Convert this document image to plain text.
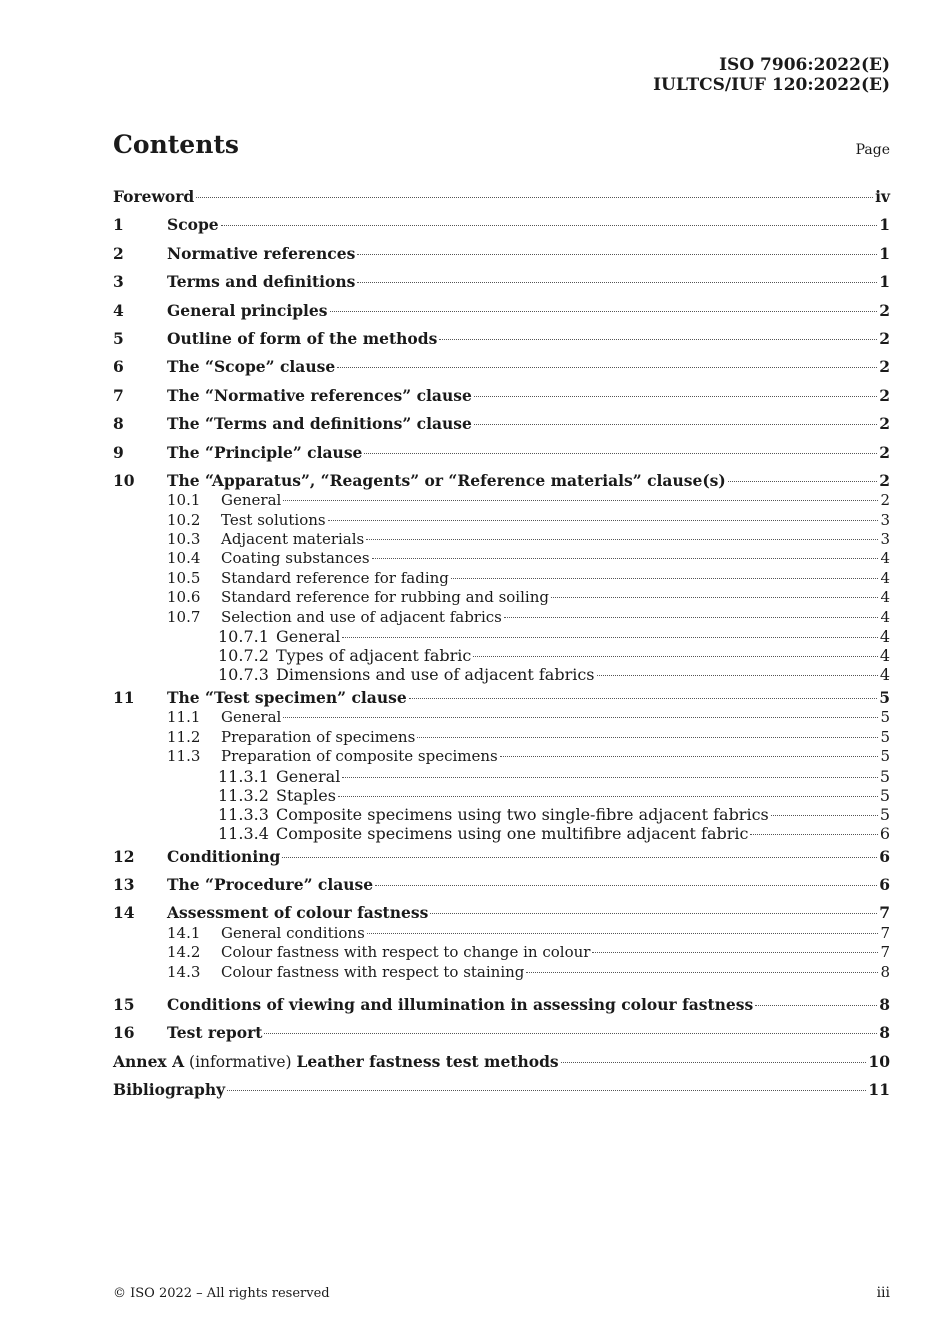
ISO 7906:2022(E)
IULTCS/IUF 120:2022(E)
Contents	Page
Foreword	iv
1	Scope	1
2	Normative references	1
3	Terms and definitions	1
4	General principles	2
5	Outline of form of the methods	2
6	The “Scope” clause	2
7	The “Normative references” clause	2
8	The “Terms and definitions” clause	2
9	The “Principle” clause	2
10	The “Apparatus”, “Reagents” or “Reference materials” clause(s)	2
10.1	General	2
10.2	Test solutions	3
10.3	Adjacent materials	3
10.4	Coating substances	4
10.5	Standard reference for fading	4
10.6	Standard reference for rubbing and soiling	4
10.7	Selection and use of adjacent fabrics	4
10.7.1 General	4
10.7.2 Types of adjacent fabric	4
10.7.3 Dimensions and use of adjacent fabrics	4
11	The “Test specimen” clause	5
11.1	General	5
11.2	Preparation of specimens	5
11.3	Preparation of composite specimens	5
11.3.1 General	5
11.3.2 Staples	5
11.3.3 Composite specimens using two single-fibre adjacent fabrics	5
11.3.4 Composite specimens using one multifibre adjacent fabric	6
12	Conditioning	6
13	The “Procedure” clause	6
14	Assessment of colour fastness	7
14.1	General conditions	7
14.2	Colour fastness with respect to change in colour	7
14.3	Colour fastness with respect to staining	8
15	Conditions of viewing and illumination in assessing colour fastness	8
16	Test report	8
Annex A (informative) Leather fastness test methods	10
Bibliography	11
© ISO 2022 – All rights reserved	iii
